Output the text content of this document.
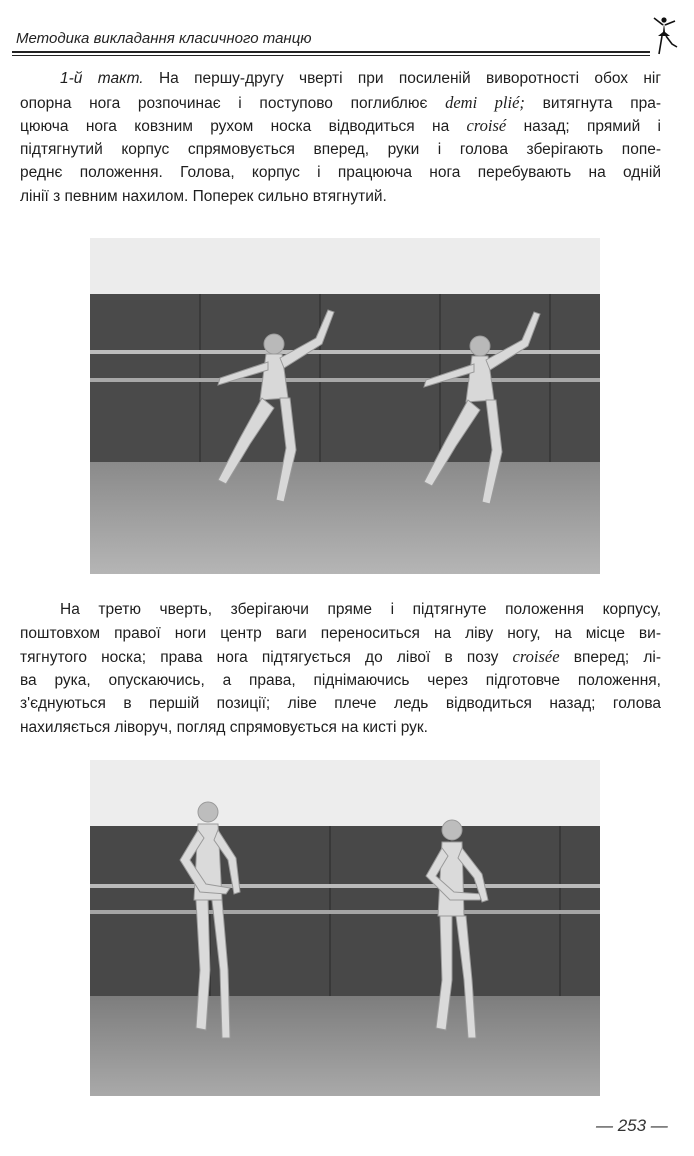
Методика викладання класичного танцю
1-й такт. На першу-другу чверті при посиленій виворотності обох ніг
опорна нога розпочинає і поступово поглиблює demi plié; витягнута пра-
цююча нога ковзним рухом носка відводиться на croisé назад; прямий і
підтягнутий корпус спрямовується вперед, руки і голова зберігають попе-
реднє положення. Голова, корпус і працююча нога перебувають на одній
лінії з певним нахилом. Поперек сильно втягнутий.
На третю чверть, зберігаючи пряме і підтягнуте положення корпусу,
поштовхом правої ноги центр ваги переноситься на ліву ногу, на місце ви-
тягнутого носка; права нога підтягується до лівої в позу croisée вперед; лі-
ва рука, опускаючись, а права, піднімаючись через підготовче положення,
з'єднуються в першій позиції; ліве плече ледь відводиться назад; голова
нахиляється ліворуч, погляд спрямовується на кисті рук.
— 253 —
